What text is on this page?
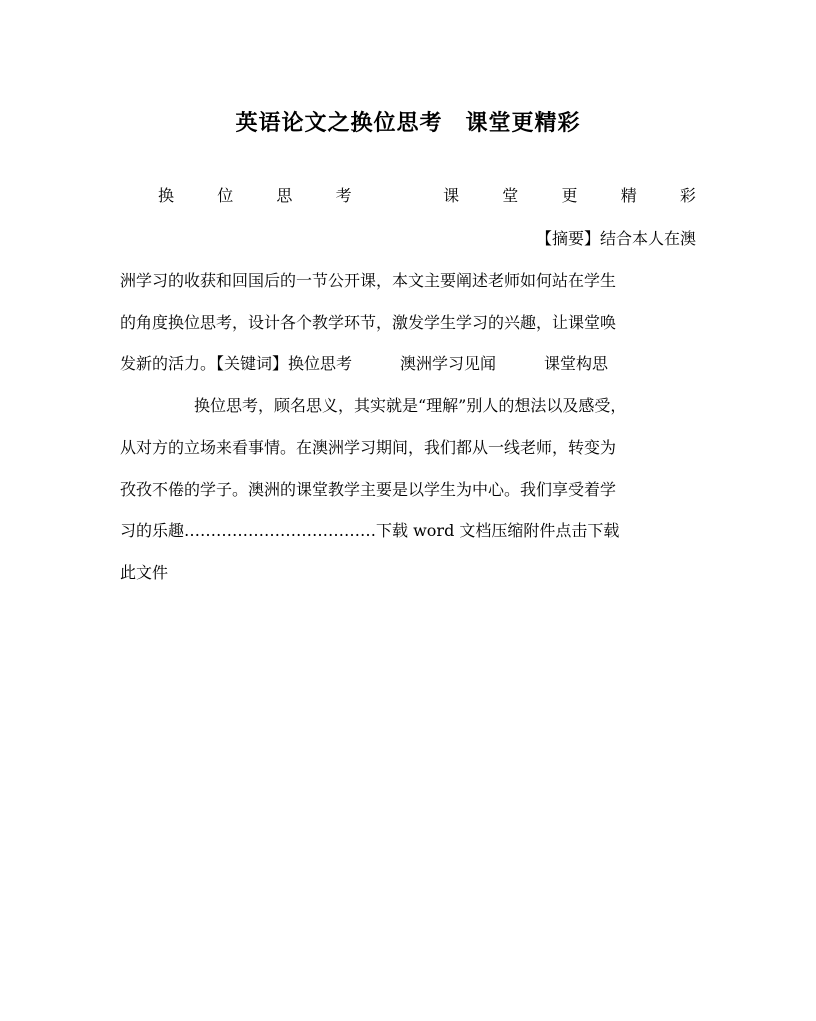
英语论文之换位思考　课堂更精彩
换	位	思	考
	课	堂	更	精	彩
【摘要】结合本人在澳
洲学习的收获和回国后的一节公开课，本文主要阐述老师如何站在学生
的角度换位思考，设计各个教学环节，激发学生学习的兴趣，让课堂唤
发新的活力。【关键词】换位思考　　　澳洲学习见闻　　　课堂构思
换位思考，顾名思义，其实就是“理解”别人的想法以及感受，
从对方的立场来看事情。在澳洲学习期间，我们都从一线老师，转变为
孜孜不倦的学子。澳洲的课堂教学主要是以学生为中心。我们享受着学
习的乐趣………………………………下载 word 文档压缩附件点击下载
此文件
